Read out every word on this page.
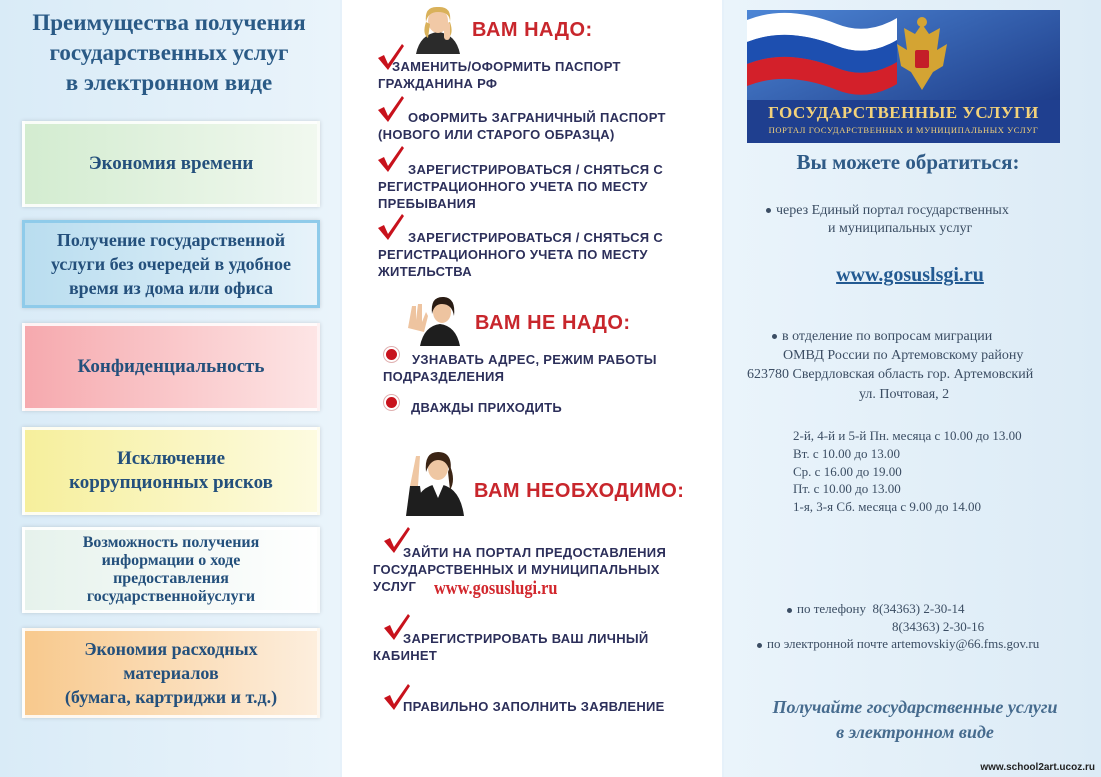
Преимущества получения
государственных услуг
в электронном виде
Экономия времени
Получение государственной
услуги без очередей в удобное
время из дома или офиса
Конфиденциальность
Исключение
коррупционных рисков
Возможность получения
информации о ходе
предоставления
государственнойуслуги
Экономия расходных
материалов
(бумага, картриджи и т.д.)
ВАМ НАДО:
ЗАМЕНИТЬ/ОФОРМИТЬ ПАСПОРТ
ГРАЖДАНИНА РФ
ОФОРМИТЬ ЗАГРАНИЧНЫЙ ПАСПОРТ
(НОВОГО ИЛИ СТАРОГО ОБРАЗЦА)
ЗАРЕГИСТРИРОВАТЬСЯ / СНЯТЬСЯ С
РЕГИСТРАЦИОННОГО УЧЕТА ПО МЕСТУ
ПРЕБЫВАНИЯ
ЗАРЕГИСТРИРОВАТЬСЯ / СНЯТЬСЯ С
РЕГИСТРАЦИОННОГО УЧЕТА ПО МЕСТУ
ЖИТЕЛЬСТВА
ВАМ НЕ НАДО:
УЗНАВАТЬ АДРЕС, РЕЖИМ РАБОТЫ
ПОДРАЗДЕЛЕНИЯ
ДВАЖДЫ ПРИХОДИТЬ
ВАМ НЕОБХОДИМО:
ЗАЙТИ НА ПОРТАЛ ПРЕДОСТАВЛЕНИЯ
ГОСУДАРСТВЕННЫХ И МУНИЦИПАЛЬНЫХ
УСЛУГ www.gosuslugi.ru
ЗАРЕГИСТРИРОВАТЬ ВАШ ЛИЧНЫЙ
КАБИНЕТ
ПРАВИЛЬНО ЗАПОЛНИТЬ ЗАЯВЛЕНИЕ
ГОСУДАРСТВЕННЫЕ УСЛУГИ
ПОРТАЛ ГОСУДАРСТВЕННЫХ И МУНИЦИПАЛЬНЫХ УСЛУГ
Вы можете обратиться:
через Единый портал государственных
и муниципальных услуг
www.gosuslsgi.ru
в отделение по вопросам миграции
ОМВД России по Артемовскому району
623780 Свердловская область гор. Артемовский
ул. Почтовая, 2
2-й, 4-й и 5-й Пн. месяца с 10.00 до 13.00
Вт. с 10.00 до 13.00
Ср. с 16.00 до 19.00
Пт. с 10.00 до 13.00
1-я, 3-я Сб. месяца с 9.00 до 14.00
по телефону 8(34363) 2-30-14
8(34363) 2-30-16
по электронной почте artemovskiy@66.fms.gov.ru
Получайте государственные услуги
в электронном виде
www.school2art.ucoz.ru
